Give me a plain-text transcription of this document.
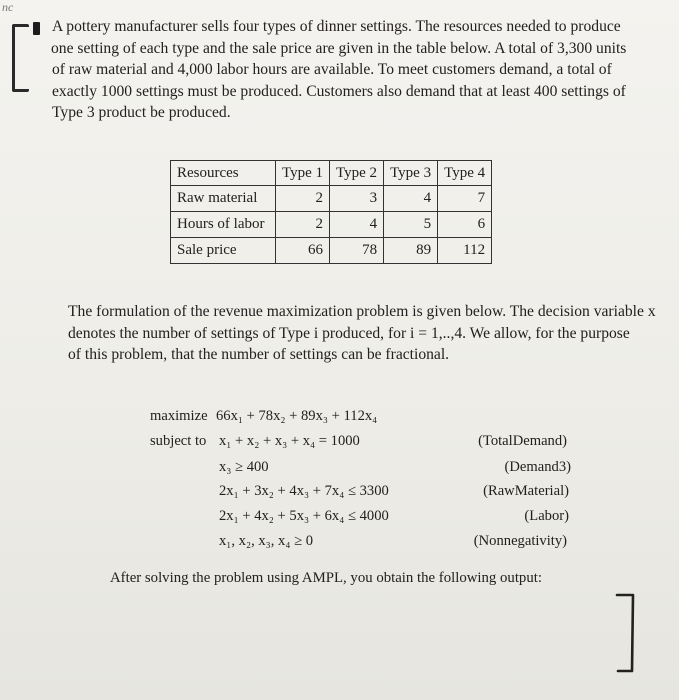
nc
A pottery manufacturer sells four types of dinner settings. The resources needed to produce
one setting of each type and the sale price are given in the table below. A total of 3,300 units
of raw material and 4,000 labor hours are available. To meet customers demand, a total of
exactly 1000 settings must be produced. Customers also demand that at least 400 settings of
Type 3 product be produced.
Resources	Type 1	Type 2	Type 3	Type 4
Raw material	2	3	4	7
Hours of labor	2	4	5	6
Sale price	66	78	89	112
The formulation of the revenue maximization problem is given below. The decision variable x
denotes the number of settings of Type i produced, for i = 1,..,4. We allow, for the purpose
of this problem, that the number of settings can be fractional.
maximize 66x₁ + 78x₂ + 89x₃ + 112x₄
subject to x₁ + x₂ + x₃ + x₄ = 1000	(TotalDemand)
x₃ ≥ 400	(Demand3)
2x₁ + 3x₂ + 4x₃ + 7x₄ ≤ 3300	(RawMaterial)
2x₁ + 4x₂ + 5x₃ + 6x₄ ≤ 4000	(Labor)
x₁, x₂, x₃, x₄ ≥ 0	(Nonnegativity)
After solving the problem using AMPL, you obtain the following output:
